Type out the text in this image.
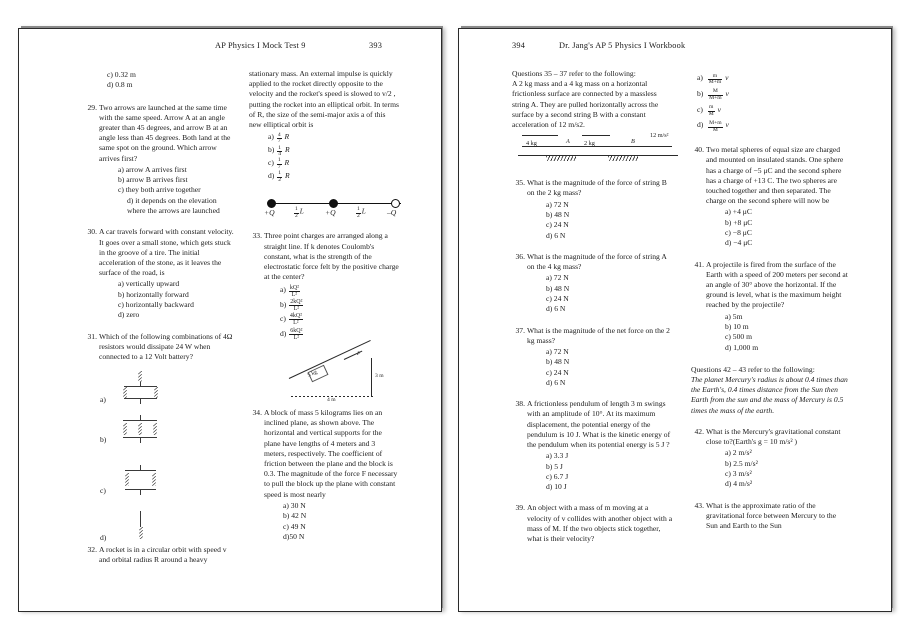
AP Physics I Mock Test 9	393
c) 0.32 m
d) 0.8 m
29. Two arrows are launched at the same time with the same speed. Arrow A at an angle greater than 45 degrees, and arrow B at an angle less than 45 degrees. Both land at the same spot on the ground. Which arrow arrives first?
a) arrow A arrives first
b) arrow B arrives first
c) they both arrive together
d) it depends on the elevation where the arrows are launched
30. A car travels forward with constant velocity. It goes over a small stone, which gets stuck in the groove of a tire. The initial acceleration of the stone, as it leaves the surface of the road, is
a) vertically upward
b) horizontally forward
c) horizontally backward
d) zero
31. Which of the following combinations of 4Ω resistors would dissipate 24 W when connected to a 12 Volt battery?
a)
b)
c)
d)
32. A rocket is in a circular orbit with speed v and orbital radius R around a heavy
stationary mass. An external impulse is quickly applied to the rocket directly opposite to the velocity and the rocket's speed is slowed to v/2 , putting the rocket into an elliptical orbit. In terms of R, the size of the semi-major axis a of this new elliptical orbit is
$a) \frac{4}{7}$ R
$b) \frac{1}{4}$ R
$c) \frac{1}{7}$ R
$d) \frac{1}{2}$ R
+Q	+Q	–Q
$\frac{1}{2}$ L	$\frac{1}{2}$ L
33. Three point charges are arranged along a straight line. If k denotes Coulomb's constant, what is the strength of the electrostatic force felt by the positive charge at the center?
$a) \frac{\text{kQ²}}{\text{L²}}$
$b) \frac{\text{2kQ²}}{\text{L²}}$
$c) \frac{\text{4kQ²}}{\text{L²}}$
$d) \frac{\text{6kQ²}}{\text{L²}}$
F
5 kg	3 m
4 m
34. A block of mass 5 kilograms lies on an inclined plane, as shown above. The horizontal and vertical supports for the plane have lengths of 4 meters and 3 meters, respectively. The coefficient of friction between the plane and the block is 0.3. The magnitude of the force F necessary to pull the block up the plane with constant speed is most nearly
a) 30 N
b) 42 N
c) 49 N
d)50 N
394	Dr. Jang's AP 5 Physics I Workbook
Questions 35 – 37 refer to the following:
A 2 kg mass and a 4 kg mass on a horizontal frictionless surface are connected by a massless string A. They are pulled horizontally across the surface by a second string B with a constant acceleration of 12 m/s2.
4 kg	2 kg
A	B
12 m/s²
35. What is the magnitude of the force of string B on the 2 kg mass?
a) 72 N
b) 48 N
c) 24 N
d) 6 N
36. What is the magnitude of the force of string A on the 4 kg mass?
a) 72 N
b) 48 N
c) 24 N
d) 6 N
37. What is the magnitude of the net force on the 2 kg mass?
a) 72 N
b) 48 N
c) 24 N
d) 6 N
38. A frictionless pendulum of length 3 m swings with an amplitude of 10°. At its maximum displacement, the potential energy of the pendulum is 10 J. What is the kinetic energy of the pendulum when its potential energy is 5 J ?
a) 3.3 J
b) 5 J
c) 6.7 J
d) 10 J
39. An object with a mass of m moving at a velocity of v collides with another object with a mass of M. If the two objects stick together, what is their velocity?
$a) \frac{m}{M+m}$ v
$b) \frac{M}{M+m}$ v
$c) \frac{m}{M}$ v
$d) \frac{M+m}{M}$ v
40. Two metal spheres of equal size are charged and mounted on insulated stands. One sphere has a charge of −5 μC and the second sphere has a charge of +13 C. The two spheres are touched together and then separated. The charge on the second sphere will now be
a) +4 μC
b) +8 μC
c) −8 μC
d) −4 μC
41. A projectile is fired from the surface of the Earth with a speed of 200 meters per second at an angle of 30° above the horizontal. If the ground is level, what is the maximum height reached by the projectile?
a) 5m
b) 10 m
c) 500 m
d) 1,000 m
Questions 42 – 43 refer to the following:
The planet Mercury's radius is about 0.4 times than the Earth's, 0.4 times distance from the Sun then Earth from the sun and the mass of Mercury is 0.5 times the mass of the earth.
42. What is the Mercury's gravitational constant close to?(Earth's g = 10 m/s² )
a) 2 m/s²
b) 2.5 m/s²
c) 3 m/s²
d) 4 m/s²
43. What is the approximate ratio of the gravitational force between Mercury to the Sun and Earth to the Sun
